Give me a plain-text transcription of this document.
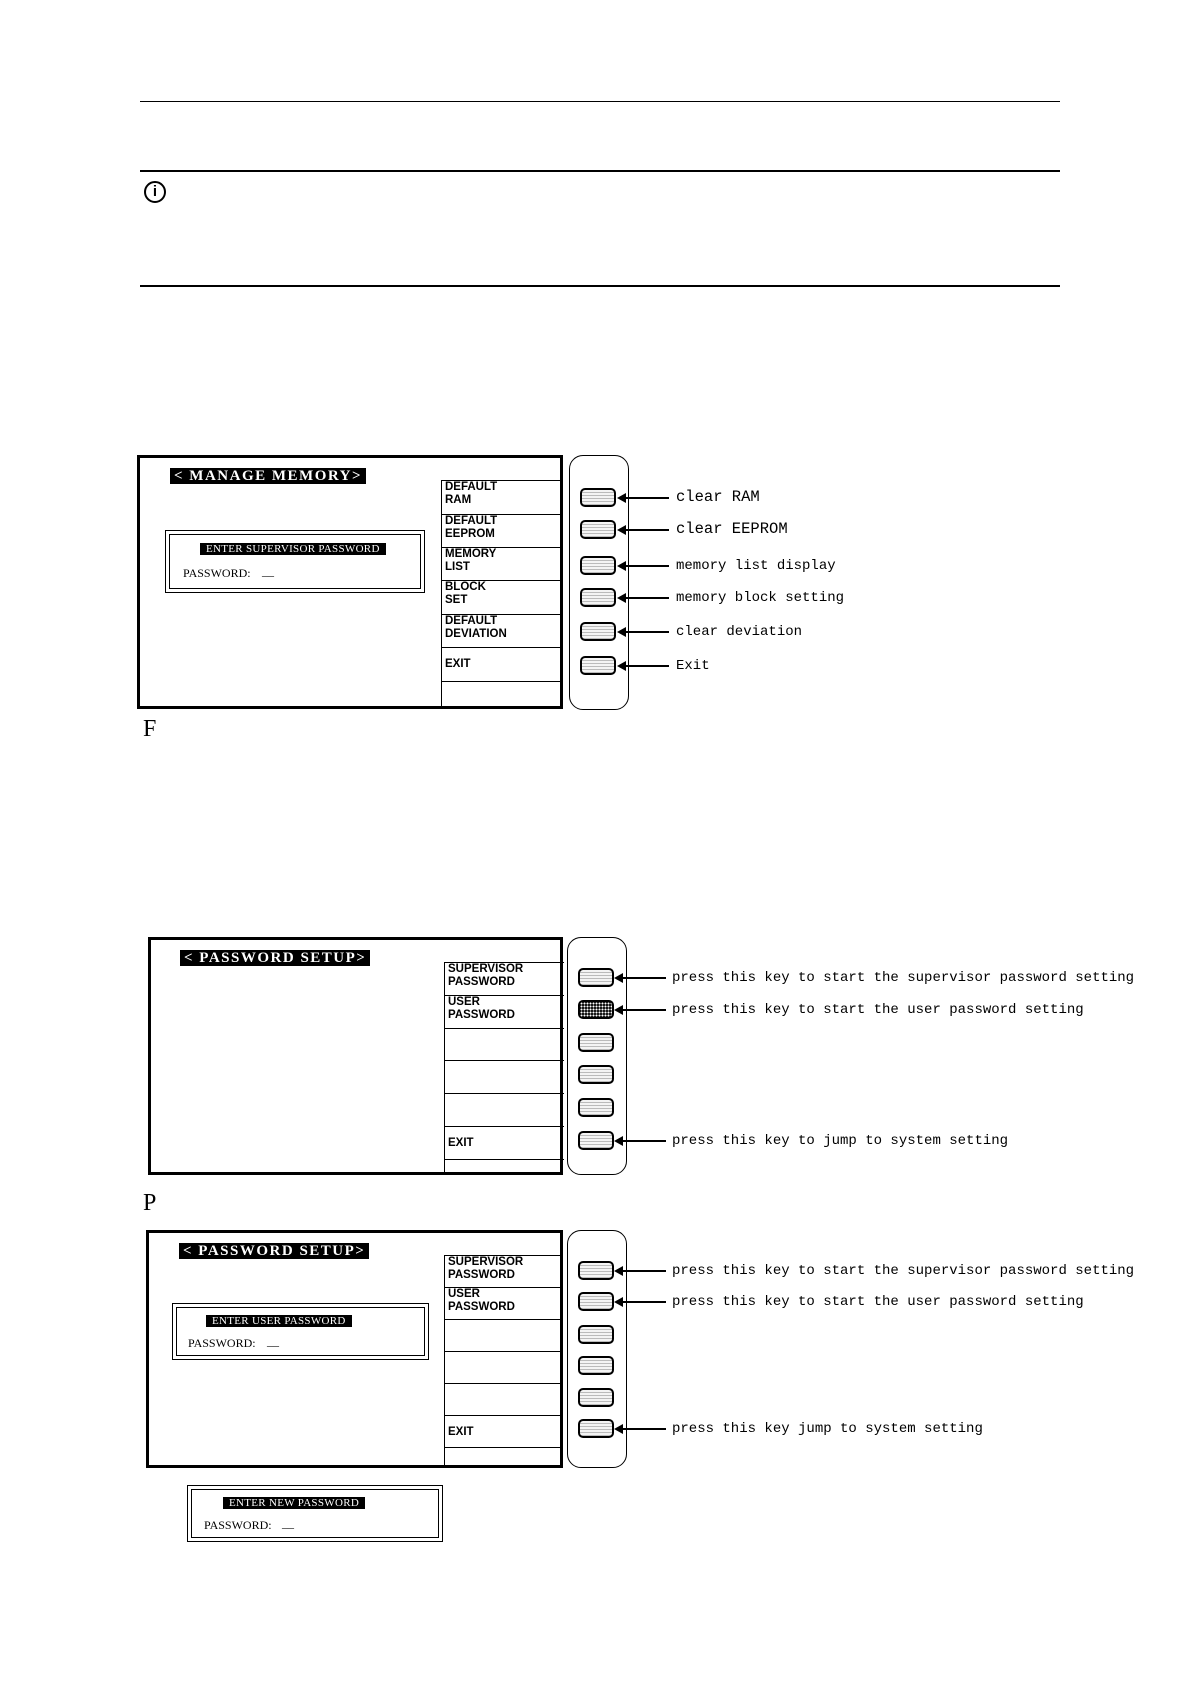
i
< MANAGE MEMORY>
ENTER SUPERVISOR PASSWORD
PASSWORD: __
DEFAULT
RAM
DEFAULT
EEPROM
MEMORY
LIST
BLOCK
SET
DEFAULT
DEVIATION
EXIT
clear RAM
clear EEPROM
memory list display
memory block setting
clear deviation
Exit
F
< PASSWORD SETUP>
SUPERVISOR
PASSWORD
USER
PASSWORD
EXIT
press this key to start the supervisor password setting
press this key to start the user password setting
press this key to jump to system setting
P
< PASSWORD SETUP>
ENTER USER PASSWORD
PASSWORD: __
SUPERVISOR
PASSWORD
USER
PASSWORD
EXIT
press this key to start the supervisor password setting
press this key to start the user password setting
press this key jump to system setting
ENTER NEW PASSWORD
PASSWORD: __
